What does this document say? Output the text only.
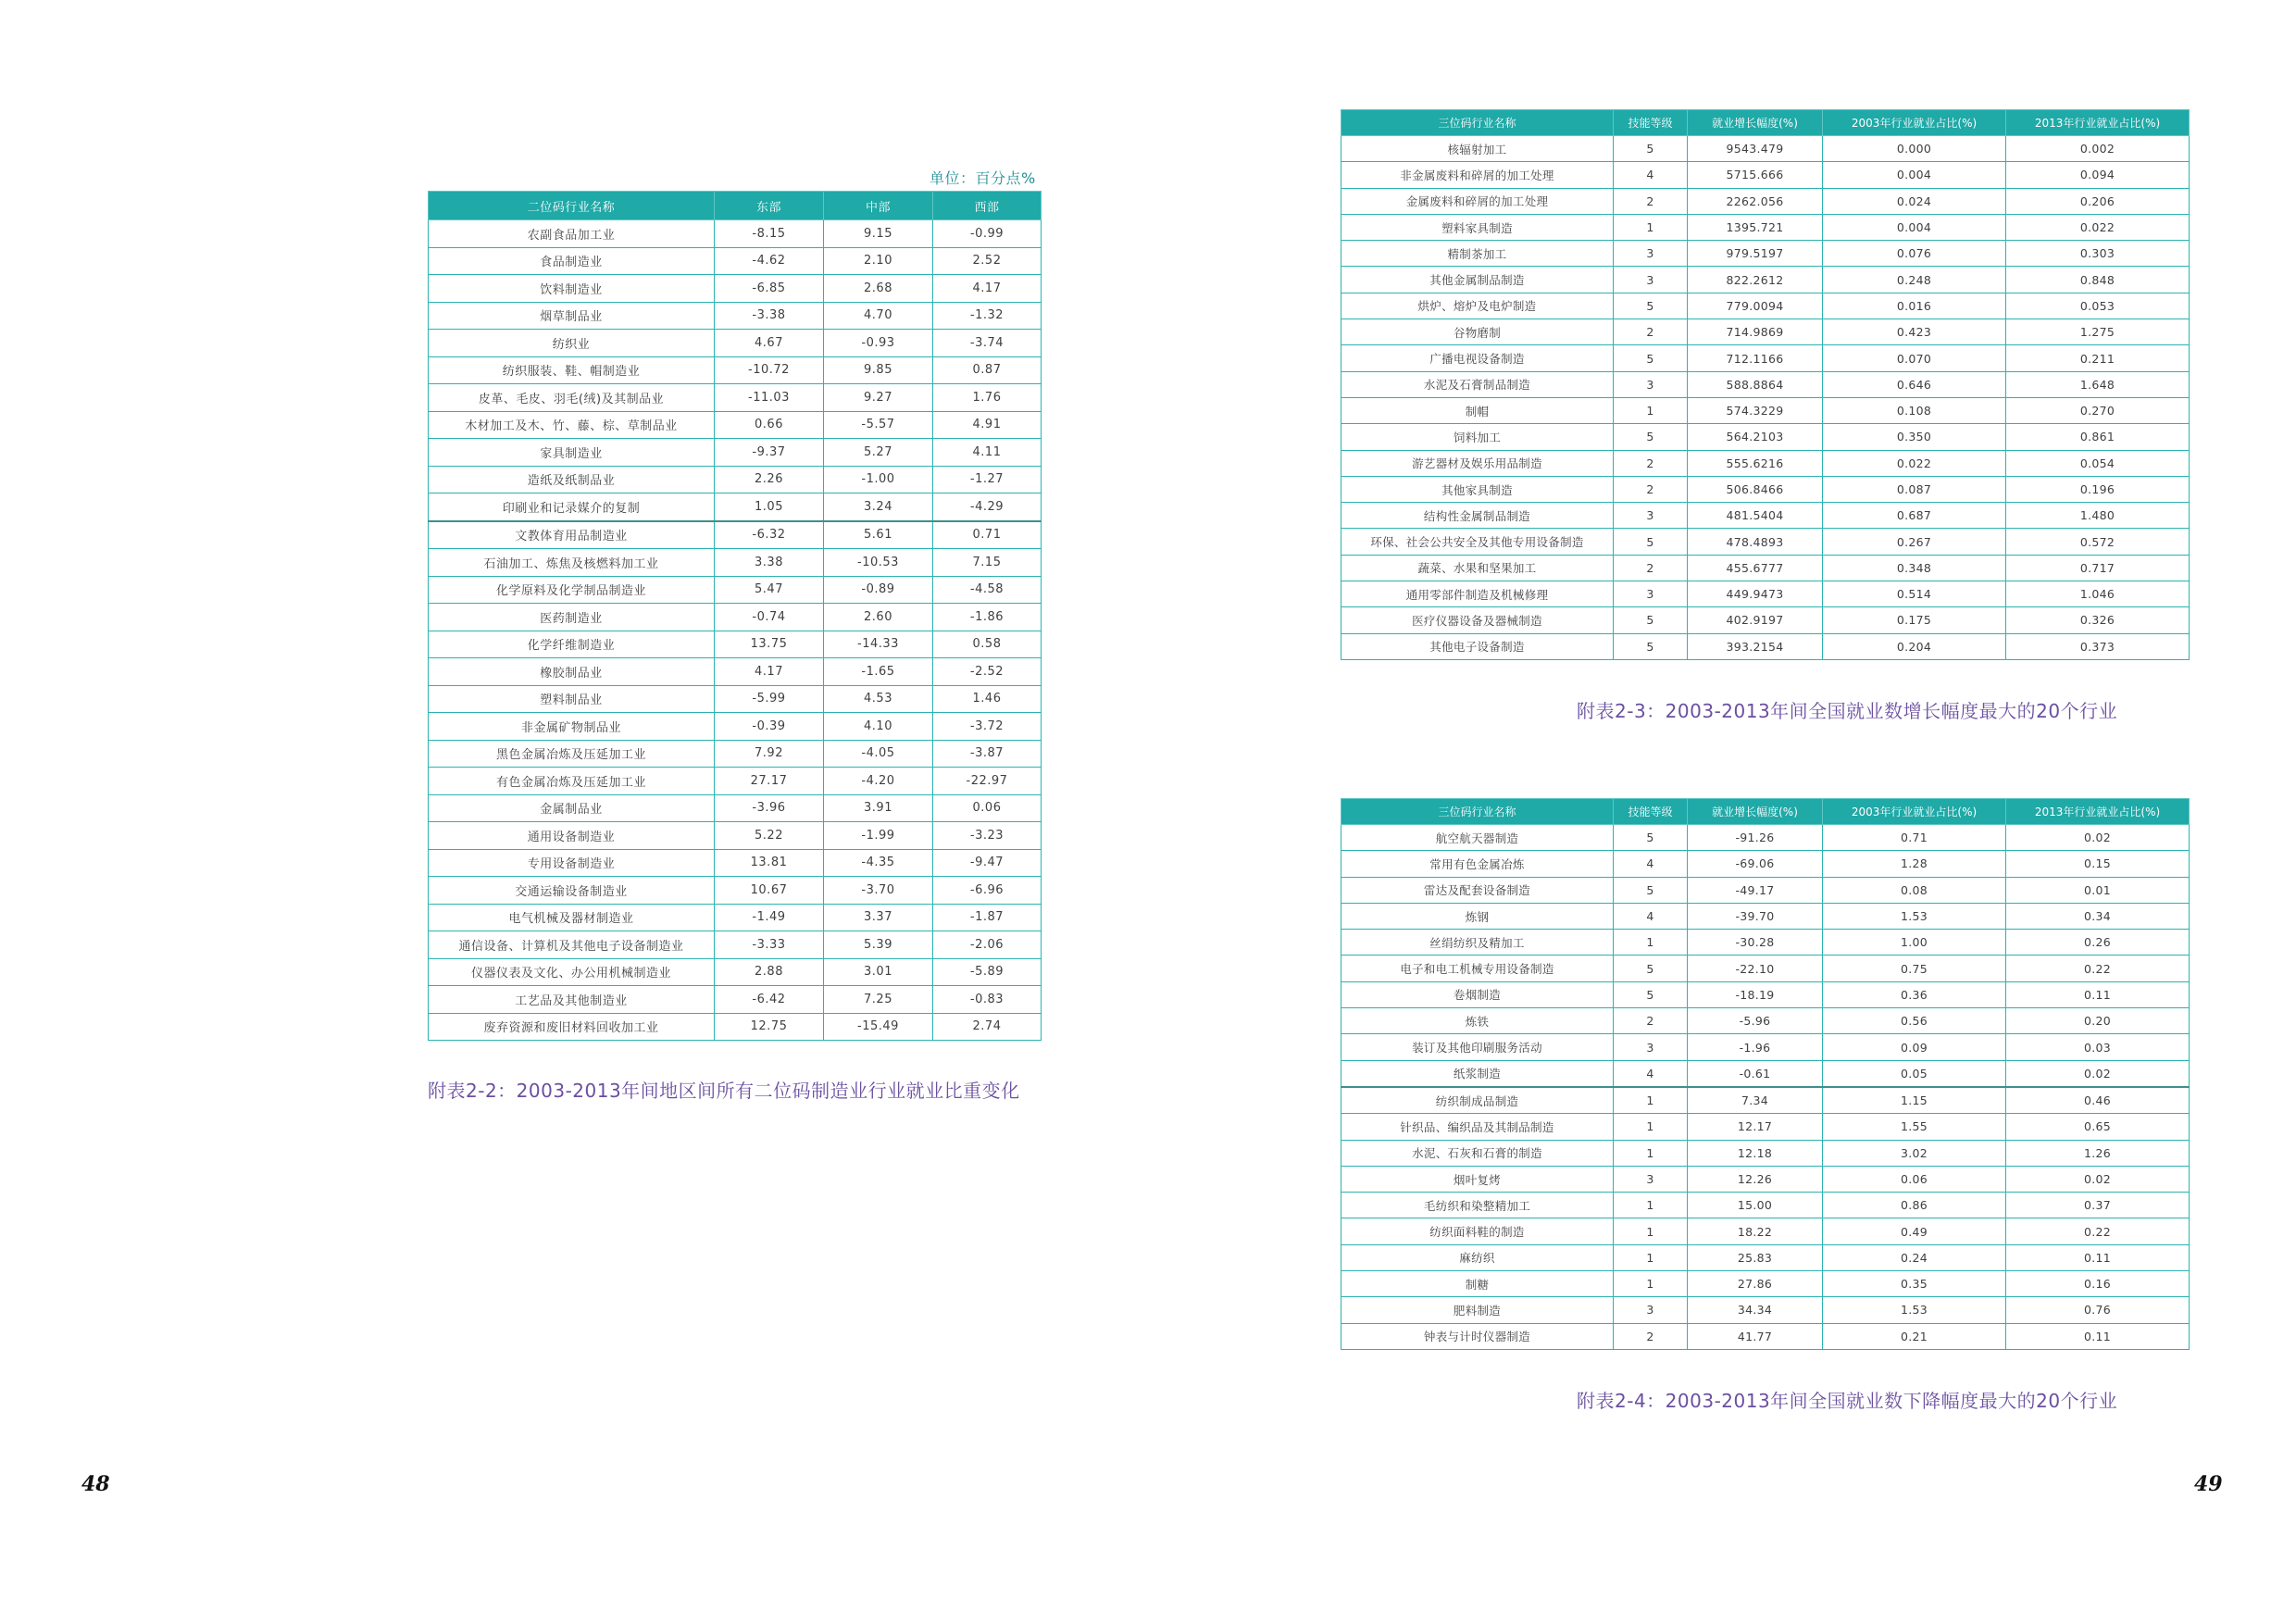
单位：百分点%
二位码行业名称	东部	中部	西部
农副食品加工业	-8.15	9.15	-0.99
食品制造业	-4.62	2.10	2.52
饮料制造业	-6.85	2.68	4.17
烟草制品业	-3.38	4.70	-1.32
纺织业	4.67	-0.93	-3.74
纺织服装、鞋、帽制造业	-10.72	9.85	0.87
皮革、毛皮、羽毛(绒)及其制品业	-11.03	9.27	1.76
木材加工及木、竹、藤、棕、草制品业	0.66	-5.57	4.91
家具制造业	-9.37	5.27	4.11
造纸及纸制品业	2.26	-1.00	-1.27
印刷业和记录媒介的复制	1.05	3.24	-4.29
文教体育用品制造业	-6.32	5.61	0.71
石油加工、炼焦及核燃料加工业	3.38	-10.53	7.15
化学原料及化学制品制造业	5.47	-0.89	-4.58
医药制造业	-0.74	2.60	-1.86
化学纤维制造业	13.75	-14.33	0.58
橡胶制品业	4.17	-1.65	-2.52
塑料制品业	-5.99	4.53	1.46
非金属矿物制品业	-0.39	4.10	-3.72
黑色金属冶炼及压延加工业	7.92	-4.05	-3.87
有色金属冶炼及压延加工业	27.17	-4.20	-22.97
金属制品业	-3.96	3.91	0.06
通用设备制造业	5.22	-1.99	-3.23
专用设备制造业	13.81	-4.35	-9.47
交通运输设备制造业	10.67	-3.70	-6.96
电气机械及器材制造业	-1.49	3.37	-1.87
通信设备、计算机及其他电子设备制造业	-3.33	5.39	-2.06
仪器仪表及文化、办公用机械制造业	2.88	3.01	-5.89
工艺品及其他制造业	-6.42	7.25	-0.83
废弃资源和废旧材料回收加工业	12.75	-15.49	2.74
附表2-2：2003-2013年间地区间所有二位码制造业行业就业比重变化
48
三位码行业名称	技能等级	就业增长幅度(%)	2003年行业就业占比(%)	2013年行业就业占比(%)
核辐射加工	5	9543.479	0.000	0.002
非金属废料和碎屑的加工处理	4	5715.666	0.004	0.094
金属废料和碎屑的加工处理	2	2262.056	0.024	0.206
塑料家具制造	1	1395.721	0.004	0.022
精制茶加工	3	979.5197	0.076	0.303
其他金属制品制造	3	822.2612	0.248	0.848
烘炉、熔炉及电炉制造	5	779.0094	0.016	0.053
谷物磨制	2	714.9869	0.423	1.275
广播电视设备制造	5	712.1166	0.070	0.211
水泥及石膏制品制造	3	588.8864	0.646	1.648
制帽	1	574.3229	0.108	0.270
饲料加工	5	564.2103	0.350	0.861
游艺器材及娱乐用品制造	2	555.6216	0.022	0.054
其他家具制造	2	506.8466	0.087	0.196
结构性金属制品制造	3	481.5404	0.687	1.480
环保、社会公共安全及其他专用设备制造	5	478.4893	0.267	0.572
蔬菜、水果和坚果加工	2	455.6777	0.348	0.717
通用零部件制造及机械修理	3	449.9473	0.514	1.046
医疗仪器设备及器械制造	5	402.9197	0.175	0.326
其他电子设备制造	5	393.2154	0.204	0.373
附表2-3：2003-2013年间全国就业数增长幅度最大的20个行业
三位码行业名称	技能等级	就业增长幅度(%)	2003年行业就业占比(%)	2013年行业就业占比(%)
航空航天器制造	5	-91.26	0.71	0.02
常用有色金属冶炼	4	-69.06	1.28	0.15
雷达及配套设备制造	5	-49.17	0.08	0.01
炼钢	4	-39.70	1.53	0.34
丝绢纺织及精加工	1	-30.28	1.00	0.26
电子和电工机械专用设备制造	5	-22.10	0.75	0.22
卷烟制造	5	-18.19	0.36	0.11
炼铁	2	-5.96	0.56	0.20
装订及其他印刷服务活动	3	-1.96	0.09	0.03
纸浆制造	4	-0.61	0.05	0.02
纺织制成品制造	1	7.34	1.15	0.46
针织品、编织品及其制品制造	1	12.17	1.55	0.65
水泥、石灰和石膏的制造	1	12.18	3.02	1.26
烟叶复烤	3	12.26	0.06	0.02
毛纺织和染整精加工	1	15.00	0.86	0.37
纺织面料鞋的制造	1	18.22	0.49	0.22
麻纺织	1	25.83	0.24	0.11
制糖	1	27.86	0.35	0.16
肥料制造	3	34.34	1.53	0.76
钟表与计时仪器制造	2	41.77	0.21	0.11
附表2-4：2003-2013年间全国就业数下降幅度最大的20个行业
49
